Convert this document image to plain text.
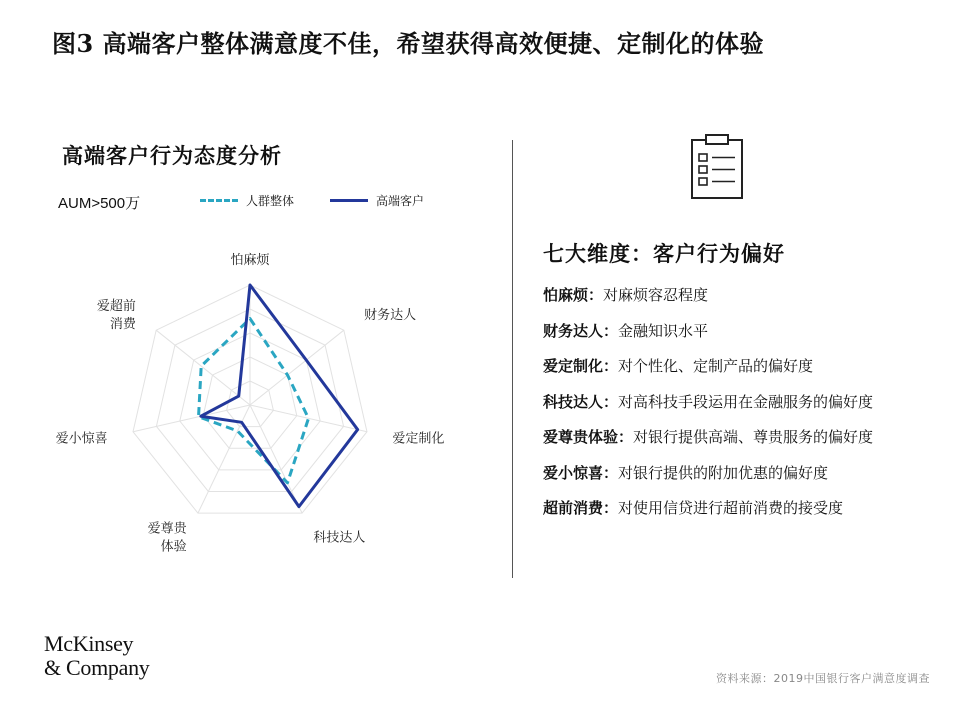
图3 高端客户整体满意度不佳，希望获得高效便捷、定制化的体验
高端客户行为态度分析
AUM>500万	人群整体	高端客户
怕麻烦
财务达人
爱定制化
科技达人
爱尊贵体验
爱小惊喜
爱超前消费
七大维度：客户行为偏好
怕麻烦：对麻烦容忍程度
财务达人：金融知识水平
爱定制化：对个性化、定制产品的偏好度
科技达人：对高科技手段运用在金融服务的偏好度
爱尊贵体验：对银行提供高端、尊贵服务的偏好度
爱小惊喜：对银行提供的附加优惠的偏好度
超前消费：对使用信贷进行超前消费的接受度
McKinsey
& Company	资料来源：2019中国银行客户满意度调查
